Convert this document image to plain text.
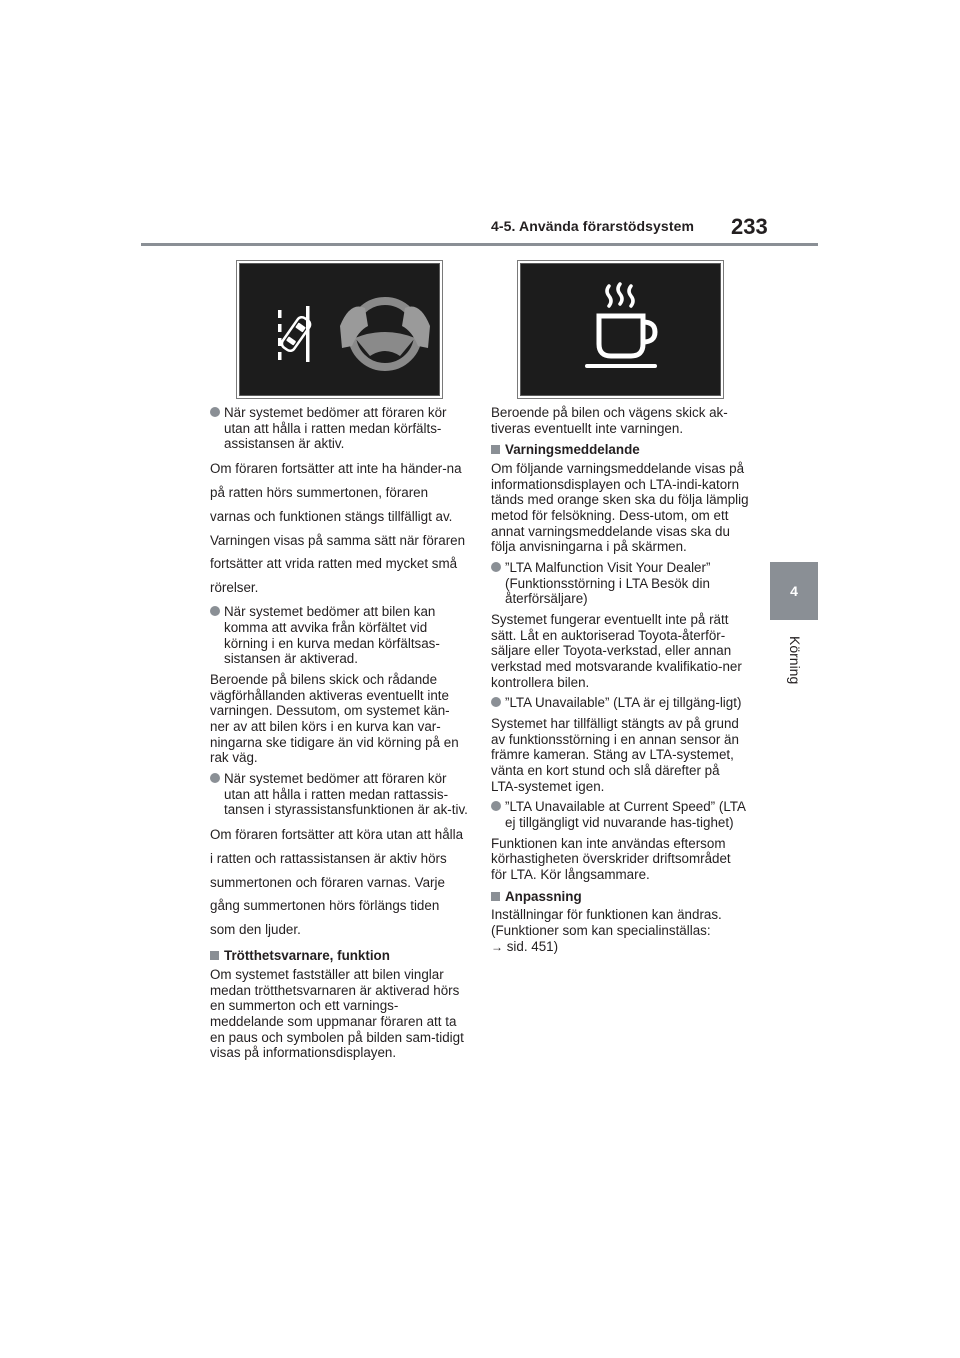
4-5. Använda förarstödsystem 233
4
Körning
När systemet bedömer att föraren kör utan att hålla i ratten medan körfälts-assistansen är aktiv.

Om föraren fortsätter att inte ha händer-na på ratten hörs summertonen, föraren varnas och funktionen stängs tillfälligt av. Varningen visas på samma sätt när föraren fortsätter att vrida ratten med mycket små rörelser.

När systemet bedömer att bilen kan komma att avvika från körfältet vid körning i en kurva medan körfältsas-sistansen är aktiverad.

Beroende på bilens skick och rådande vägförhållanden aktiveras eventuellt inte varningen. Dessutom, om systemet kän-ner av att bilen körs i en kurva kan var-ningarna ske tidigare än vid körning på en rak väg.

När systemet bedömer att föraren kör utan att hålla i ratten medan rattassis-tansen i styrassistansfunktionen är ak-tiv.

Om föraren fortsätter att köra utan att hålla i ratten och rattassistansen är aktiv hörs summertonen och föraren varnas. Varje gång summertonen hörs förlängs tiden som den ljuder.

Trötthetsvarnare, funktion

Om systemet fastställer att bilen vinglar medan trötthetsvarnaren är aktiverad hörs en summerton och ett varnings-meddelande som uppmanar föraren att ta en paus och symbolen på bilden sam-tidigt visas på informationsdisplayen.

Beroende på bilen och vägens skick ak-tiveras eventuellt inte varningen.

Varningsmeddelande

Om följande varningsmeddelande visas på informationsdisplayen och LTA-indi-katorn tänds med orange sken ska du följa lämplig metod för felsökning. Dess-utom, om ett annat varningsmeddelande visas ska du följa anvisningarna i på skärmen.

”LTA Malfunction Visit Your Dealer” (Funktionsstörning i LTA Besök din återförsäljare)

Systemet fungerar eventuellt inte på rätt sätt. Låt en auktoriserad Toyota-återför-säljare eller Toyota-verkstad, eller annan verkstad med motsvarande kvalifikatio-ner kontrollera bilen.

”LTA Unavailable” (LTA är ej tillgäng-ligt)

Systemet har tillfälligt stängts av på grund av funktionsstörning i en annan sensor än främre kameran. Stäng av LTA-systemet, vänta en kort stund och slå därefter på LTA-systemet igen.

”LTA Unavailable at Current Speed” (LTA ej tillgängligt vid nuvarande has-tighet)

Funktionen kan inte användas eftersom körhastigheten överskrider driftsområdet för LTA. Kör långsammare.

Anpassning

Inställningar för funktionen kan ändras. (Funktioner som kan specialinställas:
→ sid. 451)
